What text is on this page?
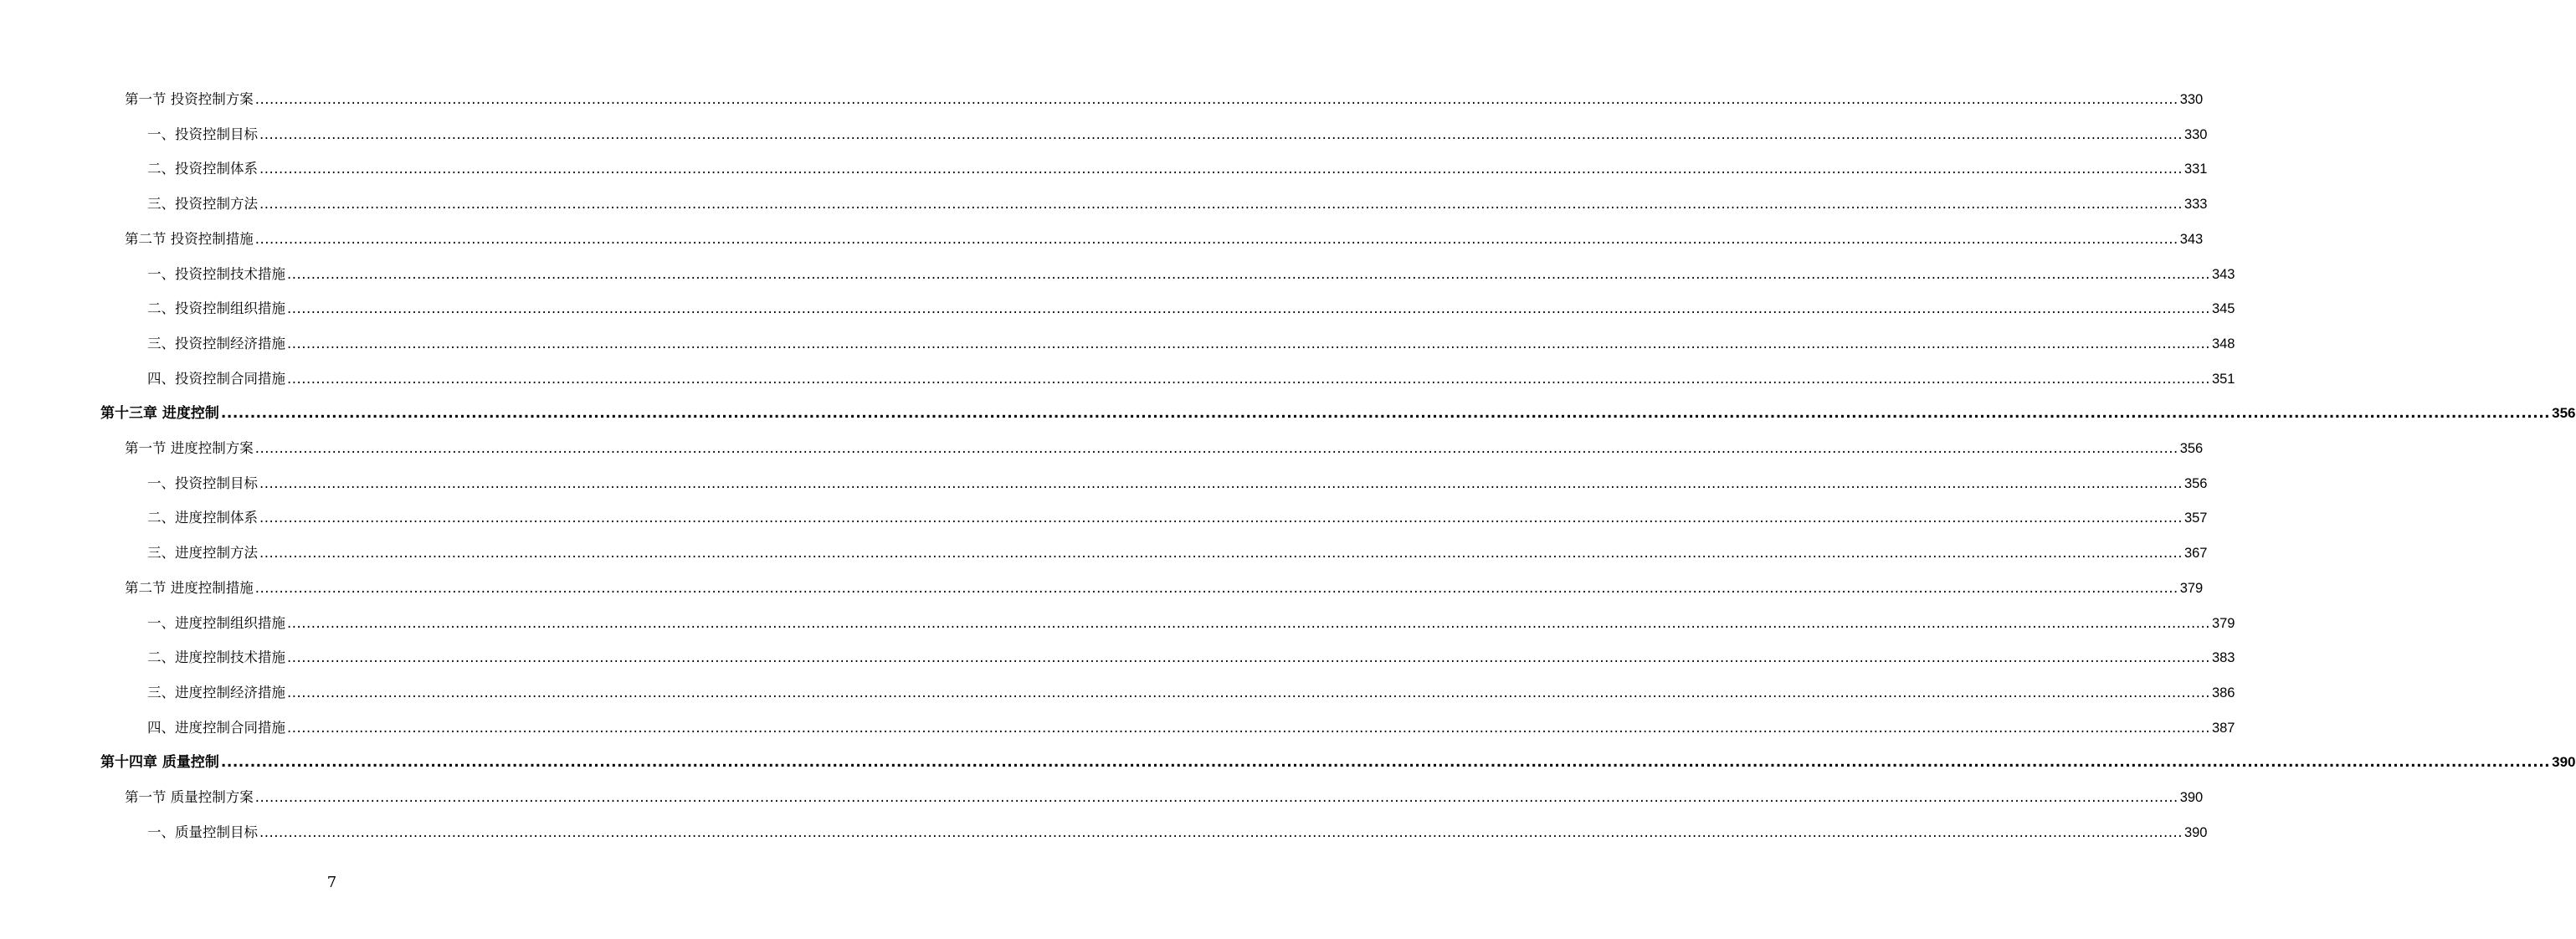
第一节 投资控制方案 ................................................................................................................................................................................................................................................................................................................................................................................................................ 330
一、投资控制目标 ................................................................................................................................................................................................................................................................................................................................................................................................................ 330
二、投资控制体系 ................................................................................................................................................................................................................................................................................................................................................................................................................ 331
三、投资控制方法 ................................................................................................................................................................................................................................................................................................................................................................................................................ 333
第二节 投资控制措施 ................................................................................................................................................................................................................................................................................................................................................................................................................ 343
一、投资控制技术措施 ................................................................................................................................................................................................................................................................................................................................................................................................................ 343
二、投资控制组织措施 ................................................................................................................................................................................................................................................................................................................................................................................................................ 345
三、投资控制经济措施 ................................................................................................................................................................................................................................................................................................................................................................................................................ 348
四、投资控制合同措施 ................................................................................................................................................................................................................................................................................................................................................................................................................ 351
第十三章 进度控制 ................................................................................................................................................................................................................................................................................................................................................................................................................ 356
第一节 进度控制方案 ................................................................................................................................................................................................................................................................................................................................................................................................................ 356
一、投资控制目标 ................................................................................................................................................................................................................................................................................................................................................................................................................ 356
二、进度控制体系 ................................................................................................................................................................................................................................................................................................................................................................................................................ 357
三、进度控制方法 ................................................................................................................................................................................................................................................................................................................................................................................................................ 367
第二节 进度控制措施 ................................................................................................................................................................................................................................................................................................................................................................................................................ 379
一、进度控制组织措施 ................................................................................................................................................................................................................................................................................................................................................................................................................ 379
二、进度控制技术措施 ................................................................................................................................................................................................................................................................................................................................................................................................................ 383
三、进度控制经济措施 ................................................................................................................................................................................................................................................................................................................................................................................................................ 386
四、进度控制合同措施 ................................................................................................................................................................................................................................................................................................................................................................................................................ 387
第十四章 质量控制 ................................................................................................................................................................................................................................................................................................................................................................................................................ 390
第一节 质量控制方案 ................................................................................................................................................................................................................................................................................................................................................................................................................ 390
一、质量控制目标 ................................................................................................................................................................................................................................................................................................................................................................................................................ 390
7
